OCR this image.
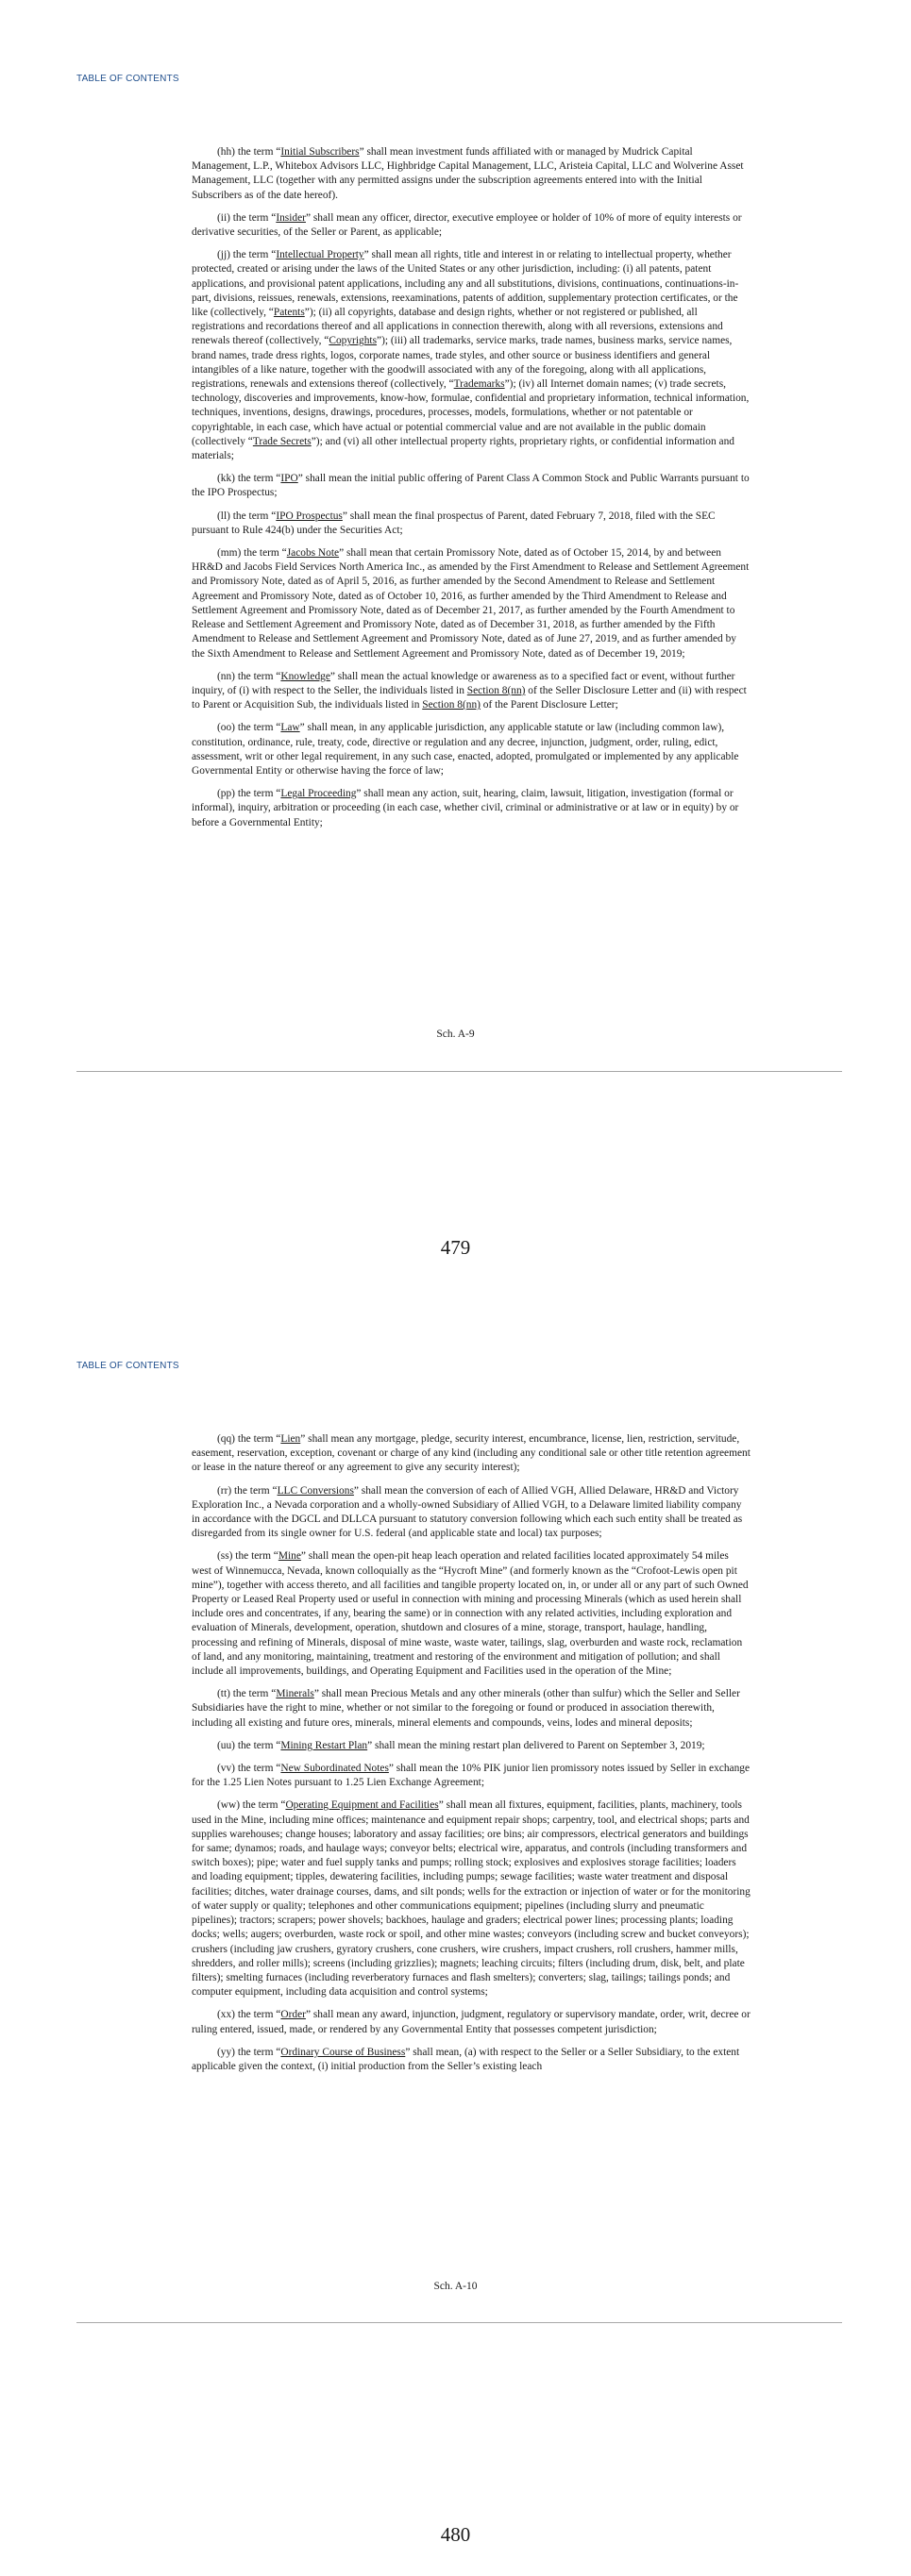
TABLE OF CONTENTS

(hh) the term “Initial Subscribers” shall mean investment funds affiliated with or managed by Mudrick Capital Management, L.P., Whitebox Advisors LLC, Highbridge Capital Management, LLC, Aristeia Capital, LLC and Wolverine Asset Management, LLC (together with any permitted assigns under the subscription agreements entered into with the Initial Subscribers as of the date hereof).

(ii) the term “Insider” shall mean any officer, director, executive employee or holder of 10% of more of equity interests or derivative securities, of the Seller or Parent, as applicable;

(jj) the term “Intellectual Property” shall mean all rights, title and interest in or relating to intellectual property, whether protected, created or arising under the laws of the United States or any other jurisdiction, including: (i) all patents, patent applications, and provisional patent applications, including any and all substitutions, divisions, continuations, continuations-in-part, divisions, reissues, renewals, extensions, reexaminations, patents of addition, supplementary protection certificates, or the like (collectively, “Patents”); (ii) all copyrights, database and design rights, whether or not registered or published, all registrations and recordations thereof and all applications in connection therewith, along with all reversions, extensions and renewals thereof (collectively, “Copyrights”); (iii) all trademarks, service marks, trade names, business marks, service names, brand names, trade dress rights, logos, corporate names, trade styles, and other source or business identifiers and general intangibles of a like nature, together with the goodwill associated with any of the foregoing, along with all applications, registrations, renewals and extensions thereof (collectively, “Trademarks”); (iv) all Internet domain names; (v) trade secrets, technology, discoveries and improvements, know-how, formulae, confidential and proprietary information, technical information, techniques, inventions, designs, drawings, procedures, processes, models, formulations, whether or not patentable or copyrightable, in each case, which have actual or potential commercial value and are not available in the public domain (collectively “Trade Secrets”); and (vi) all other intellectual property rights, proprietary rights, or confidential information and materials;

(kk) the term “IPO” shall mean the initial public offering of Parent Class A Common Stock and Public Warrants pursuant to the IPO Prospectus;

(ll) the term “IPO Prospectus” shall mean the final prospectus of Parent, dated February 7, 2018, filed with the SEC pursuant to Rule 424(b) under the Securities Act;

(mm) the term “Jacobs Note” shall mean that certain Promissory Note, dated as of October 15, 2014, by and between HR&D and Jacobs Field Services North America Inc., as amended by the First Amendment to Release and Settlement Agreement and Promissory Note, dated as of April 5, 2016, as further amended by the Second Amendment to Release and Settlement Agreement and Promissory Note, dated as of October 10, 2016, as further amended by the Third Amendment to Release and Settlement Agreement and Promissory Note, dated as of December 21, 2017, as further amended by the Fourth Amendment to Release and Settlement Agreement and Promissory Note, dated as of December 31, 2018, as further amended by the Fifth Amendment to Release and Settlement Agreement and Promissory Note, dated as of June 27, 2019, and as further amended by the Sixth Amendment to Release and Settlement Agreement and Promissory Note, dated as of December 19, 2019;

(nn) the term “Knowledge” shall mean the actual knowledge or awareness as to a specified fact or event, without further inquiry, of (i) with respect to the Seller, the individuals listed in Section 8(nn) of the Seller Disclosure Letter and (ii) with respect to Parent or Acquisition Sub, the individuals listed in Section 8(nn) of the Parent Disclosure Letter;

(oo) the term “Law” shall mean, in any applicable jurisdiction, any applicable statute or law (including common law), constitution, ordinance, rule, treaty, code, directive or regulation and any decree, injunction, judgment, order, ruling, edict, assessment, writ or other legal requirement, in any such case, enacted, adopted, promulgated or implemented by any applicable Governmental Entity or otherwise having the force of law;

(pp) the term “Legal Proceeding” shall mean any action, suit, hearing, claim, lawsuit, litigation, investigation (formal or informal), inquiry, arbitration or proceeding (in each case, whether civil, criminal or administrative or at law or in equity) by or before a Governmental Entity;

Sch. A-9
479
TABLE OF CONTENTS

(qq) the term “Lien” shall mean any mortgage, pledge, security interest, encumbrance, license, lien, restriction, servitude, easement, reservation, exception, covenant or charge of any kind (including any conditional sale or other title retention agreement or lease in the nature thereof or any agreement to give any security interest);

(rr) the term “LLC Conversions” shall mean the conversion of each of Allied VGH, Allied Delaware, HR&D and Victory Exploration Inc., a Nevada corporation and a wholly-owned Subsidiary of Allied VGH, to a Delaware limited liability company in accordance with the DGCL and DLLCA pursuant to statutory conversion following which each such entity shall be treated as disregarded from its single owner for U.S. federal (and applicable state and local) tax purposes;

(ss) the term “Mine” shall mean the open-pit heap leach operation and related facilities located approximately 54 miles west of Winnemucca, Nevada, known colloquially as the “Hycroft Mine” (and formerly known as the “Crofoot-Lewis open pit mine”), together with access thereto, and all facilities and tangible property located on, in, or under all or any part of such Owned Property or Leased Real Property used or useful in connection with mining and processing Minerals (which as used herein shall include ores and concentrates, if any, bearing the same) or in connection with any related activities, including exploration and evaluation of Minerals, development, operation, shutdown and closures of a mine, storage, transport, haulage, handling, processing and refining of Minerals, disposal of mine waste, waste water, tailings, slag, overburden and waste rock, reclamation of land, and any monitoring, maintaining, treatment and restoring of the environment and mitigation of pollution; and shall include all improvements, buildings, and Operating Equipment and Facilities used in the operation of the Mine;

(tt) the term “Minerals” shall mean Precious Metals and any other minerals (other than sulfur) which the Seller and Seller Subsidiaries have the right to mine, whether or not similar to the foregoing or found or produced in association therewith, including all existing and future ores, minerals, mineral elements and compounds, veins, lodes and mineral deposits;

(uu) the term “Mining Restart Plan” shall mean the mining restart plan delivered to Parent on September 3, 2019;

(vv) the term “New Subordinated Notes” shall mean the 10% PIK junior lien promissory notes issued by Seller in exchange for the 1.25 Lien Notes pursuant to 1.25 Lien Exchange Agreement;

(ww) the term “Operating Equipment and Facilities” shall mean all fixtures, equipment, facilities, plants, machinery, tools used in the Mine, including mine offices; maintenance and equipment repair shops; carpentry, tool, and electrical shops; parts and supplies warehouses; change houses; laboratory and assay facilities; ore bins; air compressors, electrical generators and buildings for same; dynamos; roads, and haulage ways; conveyor belts; electrical wire, apparatus, and controls (including transformers and switch boxes); pipe; water and fuel supply tanks and pumps; rolling stock; explosives and explosives storage facilities; loaders and loading equipment; tipples, dewatering facilities, including pumps; sewage facilities; waste water treatment and disposal facilities; ditches, water drainage courses, dams, and silt ponds; wells for the extraction or injection of water or for the monitoring of water supply or quality; telephones and other communications equipment; pipelines (including slurry and pneumatic pipelines); tractors; scrapers; power shovels; backhoes, haulage and graders; electrical power lines; processing plants; loading docks; wells; augers; overburden, waste rock or spoil, and other mine wastes; conveyors (including screw and bucket conveyors); crushers (including jaw crushers, gyratory crushers, cone crushers, wire crushers, impact crushers, roll crushers, hammer mills, shredders, and roller mills); screens (including grizzlies); magnets; leaching circuits; filters (including drum, disk, belt, and plate filters); smelting furnaces (including reverberatory furnaces and flash smelters); converters; slag, tailings; tailings ponds; and computer equipment, including data acquisition and control systems;

(xx) the term “Order” shall mean any award, injunction, judgment, regulatory or supervisory mandate, order, writ, decree or ruling entered, issued, made, or rendered by any Governmental Entity that possesses competent jurisdiction;

(yy) the term “Ordinary Course of Business” shall mean, (a) with respect to the Seller or a Seller Subsidiary, to the extent applicable given the context, (i) initial production from the Seller’s existing leach

Sch. A-10
480
